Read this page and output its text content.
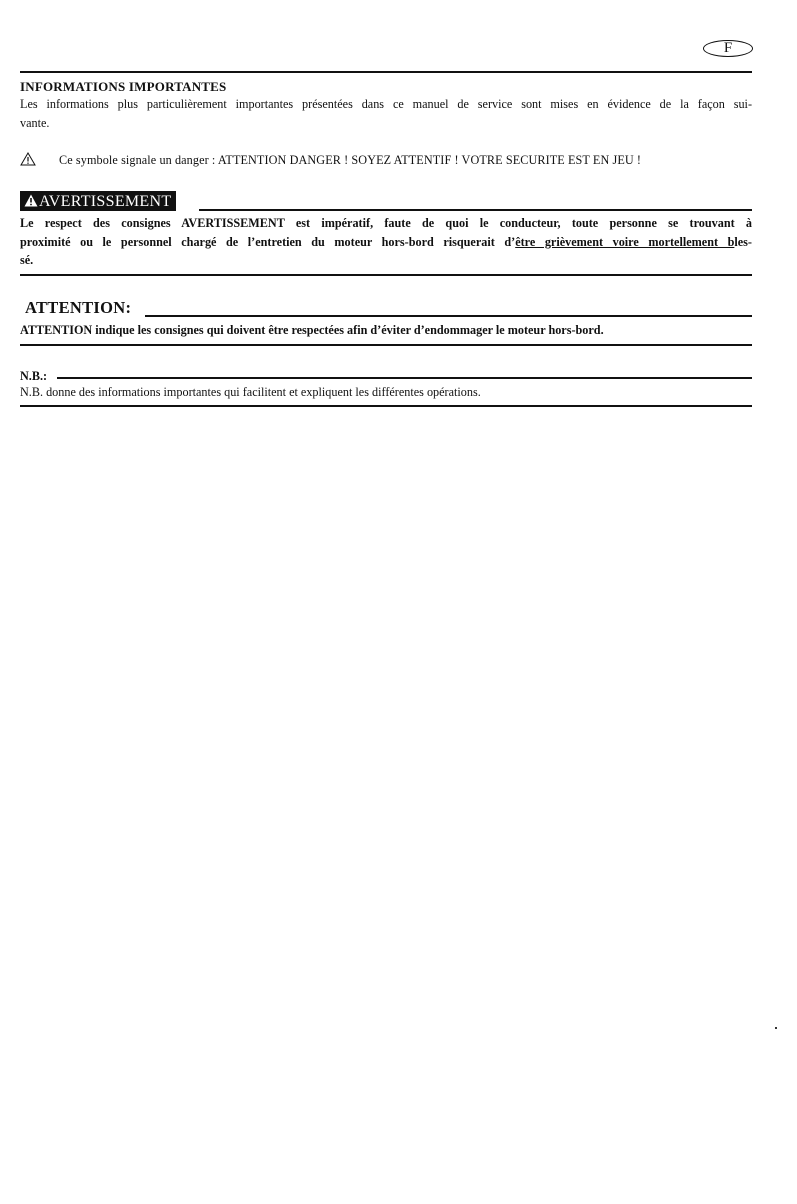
F
INFORMATIONS IMPORTANTES
Les informations plus particulièrement importantes présentées dans ce manuel de service sont mises en évidence de la façon sui-
vante.
Ce symbole signale un danger : ATTENTION DANGER ! SOYEZ ATTENTIF ! VOTRE SECURITE EST EN JEU !
AVERTISSEMENT
Le respect des consignes AVERTISSEMENT est impératif, faute de quoi le conducteur, toute personne se trouvant à
proximité ou le personnel chargé de l’entretien du moteur hors-bord risquerait d’être grièvement voire mortellement bles-
sé.
ATTENTION:
ATTENTION indique les consignes qui doivent être respectées afin d’éviter d’endommager le moteur hors-bord.
N.B.:
N.B. donne des informations importantes qui facilitent et expliquent les différentes opérations.
